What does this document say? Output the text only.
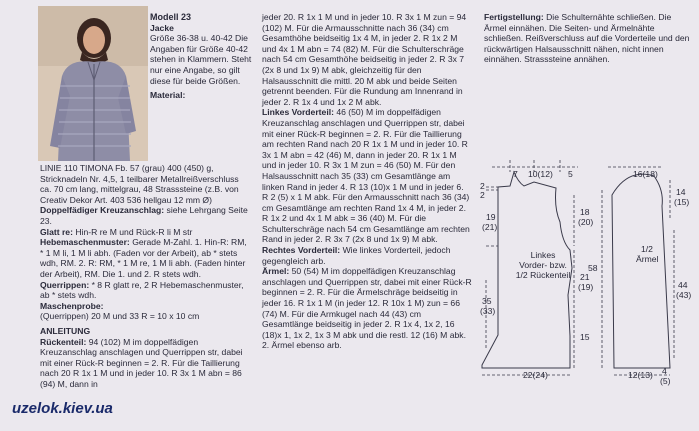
Modell 23

Jacke

Größe 36-38 u. 40-42 Die Angaben für Größe 40-42 stehen in Klammern. Steht nur eine Angabe, so gilt diese für beide Größen.

Material:

LINIE 110 TIMONA Fb. 57 (grau) 400 (450) g, Stricknadeln Nr. 4,5, 1 teilbarer Metallreißverschluss ca. 70 cm lang, mittelgrau, 48 Strasssteine (z.B. von Creativ Dekor Art. 403 536 hellgau 12 mm Ø)

Doppelfädiger Kreuzanschlag: siehe Lehrgang Seite 23.

Glatt re: Hin-R re M und Rück-R li M str

Hebemaschenmuster: Gerade M-Zahl. 1. Hin-R: RM, * 1 M li, 1 M li abh. (Faden vor der Arbeit), ab * stets wdh, RM. 2. R: RM, * 1 M re, 1 M li abh. (Faden hinter der Arbeit), RM. Die 1. und 2. R stets wdh.

Querrippen: * 8 R glatt re, 2 R Hebemaschenmuster, ab * stets wdh.

Maschenprobe:
(Querrippen) 20 M und 33 R = 10 x 10 cm

ANLEITUNG

Rückenteil: 94 (102) M im doppelfädigen Kreuzanschlag anschlagen und Querrippen str, dabei mit einer Rück-R beginnen = 2. R. Für die Taillierung nach 20 R 1x 1 M und in jeder 10. R 3x 1 M abn = 86 (94) M, dann in

jeder 20. R 1x 1 M und in jeder 10. R 3x 1 M zun = 94 (102) M. Für die Armausschnitte nach 36 (34) cm Gesamthöhe beidseitig 1x 4 M, in jeder 2. R 1x 2 M und 4x 1 M abn = 74 (82) M. Für die Schulterschräge nach 54 cm Gesamthöhe beidseitig in jeder 2. R 3x 7 (2x 8 und 1x 9) M abk, gleichzeitig für den Halsausschnitt die mittl. 20 M abk und beide Seiten getrennt beenden. Für die Rundung am Innenrand in jeder 2. R 1x 4 und 1x 2 M abk.

Linkes Vorderteil: 46 (50) M im doppelfädigen Kreuzanschlag anschlagen und Querrippen str, dabei mit einer Rück-R beginnen = 2. R. Für die Taillierung am rechten Rand nach 20 R 1x 1 M und in jeder 10. R 3x 1 M abn = 42 (46) M, dann in jeder 20. R 1x 1 M und in jeder 10. R 3x 1 M zun = 46 (50) M. Für den Halsausschnitt nach 35 (33) cm Gesamtlänge am linken Rand in jeder 4. R 13 (10)x 1 M und in jeder 6. R 2 (5) x 1 M abk. Für den Armausschnitt nach 36 (34) cm Gesamtlänge am rechten Rand 1x 4 M, in jeder 2. R 1x 2 und 4x 1 M abk = 36 (40) M. Für die Schulterschräge nach 54 cm Gesamtlänge am rechten Rand in jeder 2. R 3x 7 (2x 8 und 1x 9) M abk.

Rechtes Vorderteil: Wie linkes Vorderteil, jedoch gegengleich arb.

Ärmel: 50 (54) M im doppelfädigen Kreuzanschlag anschlagen und Querrippen str, dabei mit einer Rück-R beginnen = 2. R. Für die Ärmelschräge beidseitig in jeder 16. R 1x 1 M (in jeder 12. R 10x 1 M) zun = 66 (74) M. Für die Armkugel nach 44 (43) cm Gesamtlänge beidseitig in jeder 2. R 1x 4, 1x 2, 16 (18)x 1, 1x 2, 1x 3 M abk und die restl. 12 (16) M abk. 2. Ärmel ebenso arb.

Fertigstellung: Die Schulternähte schließen. Die Ärmel einnähen. Die Seiten- und Ärmelnähte schließen. Reißverschluss auf die Vorderteile und den rückwärtigen Halsausschnitt nähen, nicht innen einnähen. Strasssteine annähen.

7 10(12) 5
2
2
19
(21)
18
(20)
21
(19)
35
(33)
15
22(24)
58
Linkes
Vorder- bzw.
1/2 Rückenteil
16(18)
14
(15)
1/2
Ärmel
44
(43)
12(13) 4
(5)
uzelok.kiev.ua
